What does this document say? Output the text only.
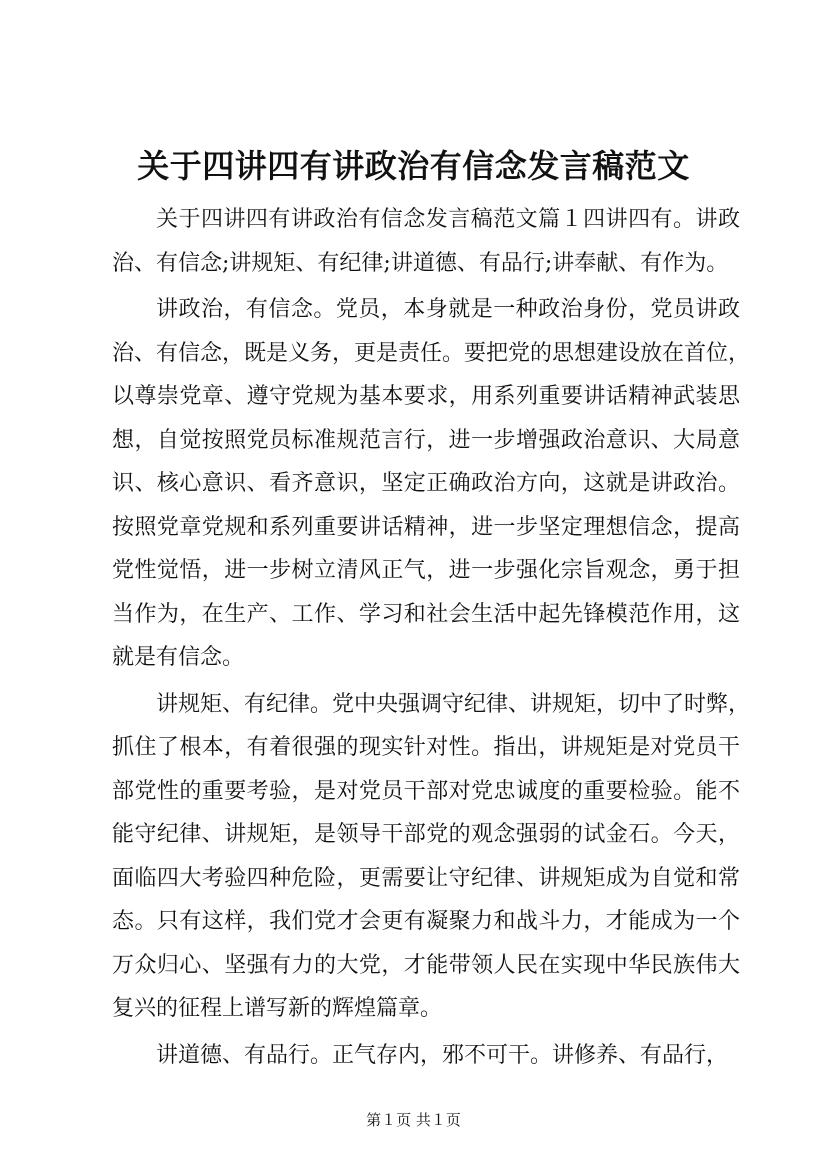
关于四讲四有讲政治有信念发言稿范文
关于四讲四有讲政治有信念发言稿范文篇１四讲四有。讲政
治、有信念;讲规矩、有纪律;讲道德、有品行;讲奉献、有作为。
讲政治，有信念。党员，本身就是一种政治身份，党员讲政
治、有信念，既是义务，更是责任。要把党的思想建设放在首位，
以尊崇党章、遵守党规为基本要求，用系列重要讲话精神武装思
想，自觉按照党员标准规范言行，进一步增强政治意识、大局意
识、核心意识、看齐意识，坚定正确政治方向，这就是讲政治。
按照党章党规和系列重要讲话精神，进一步坚定理想信念，提高
党性觉悟，进一步树立清风正气，进一步强化宗旨观念，勇于担
当作为，在生产、工作、学习和社会生活中起先锋模范作用，这
就是有信念。
讲规矩、有纪律。党中央强调守纪律、讲规矩，切中了时弊，
抓住了根本，有着很强的现实针对性。指出，讲规矩是对党员干
部党性的重要考验，是对党员干部对党忠诚度的重要检验。能不
能守纪律、讲规矩，是领导干部党的观念强弱的试金石。今天，
面临四大考验四种危险，更需要让守纪律、讲规矩成为自觉和常
态。只有这样，我们党才会更有凝聚力和战斗力，才能成为一个
万众归心、坚强有力的大党，才能带领人民在实现中华民族伟大
复兴的征程上谱写新的辉煌篇章。
讲道德、有品行。正气存内，邪不可干。讲修养、有品行，
第１页 共１页
